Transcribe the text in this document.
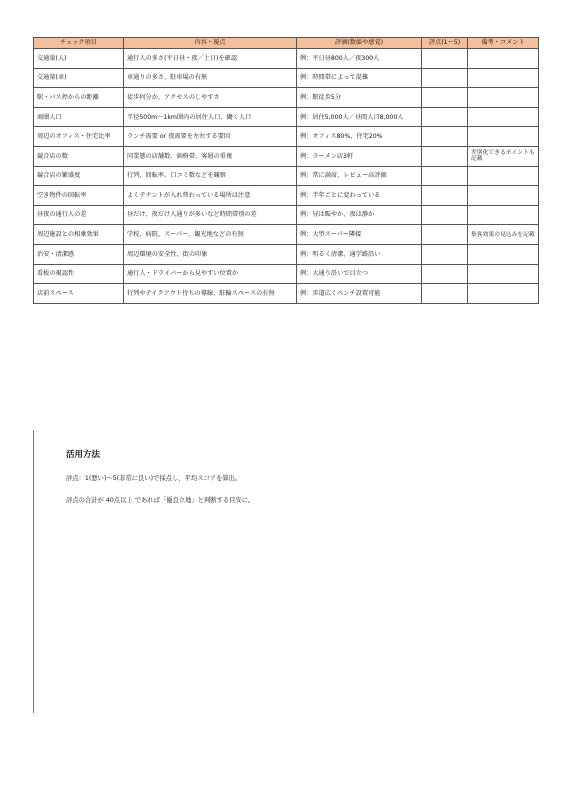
チェック項目	内容・視点	評価(数値や感覚)	評点(1〜5)	備考・コメント
交通量(人)	通行人の多さ(平日昼・夜／土日)を確認	例：平日昼800人／夜300人		
交通量(車)	車通りの多さ、駐車場の有無	例：時間帯によって混雑		
駅・バス停からの距離	徒歩何分か、アクセスのしやすさ	例：駅徒歩5分		
商圏人口	半径500m〜1km圏内の居住人口、働く人口	例：居住5,000人／昼間人口8,000人		
周辺のオフィス・住宅比率	ランチ需要 or 夜需要を左右する要因	例：オフィス80%、住宅20%		
競合店の数	同業態の店舗数、価格帯、客層の重複	例：ラーメン店3軒		差別化できるポイントも記載
競合店の繁盛度	行列、回転率、口コミ数などを観察	例：常に満席、レビュー高評価		
空き物件の回転率	よくテナントが入れ替わっている場所は注意	例：半年ごとに変わっている		
昼夜の通行人の差	昼だけ、夜だけ人通りが多いなど時間帯別の差	例：昼は賑やか、夜は静か		
周辺施設との相乗効果	学校、病院、スーパー、観光地などの有無	例：大型スーパー隣接		集客効果の見込みを記載
治安・清潔感	周辺環境の安全性、街の印象	例：明るく清潔、通学路沿い		
看板の視認性	通行人・ドライバーから見やすい位置か	例：大通り沿いで目立つ		
店前スペース	行列やテイクアウト待ちの導線、駐輪スペースの有無	例：歩道広くベンチ設置可能		
活用方法

評点：1(悪い)〜5(非常に良い)で採点し、平均スコアを算出。

評点の合計が 40点以上 であれば「優良立地」と判断する目安に。
